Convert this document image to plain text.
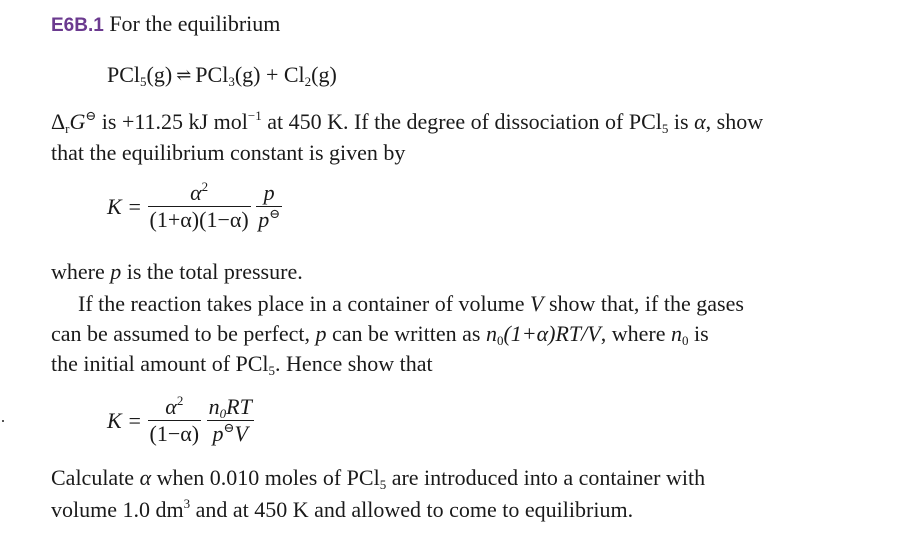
E6B.1 For the equilibrium
PCl$_5$(g) ⇌ $PCl_3(g) + Cl_2(g)$
$\Delta_rG^⊖$ is +11.25 kJ mol$^{-1}$ at 450 K. If the degree of dissociation of PCl$_5$ is α, show
that the equilibrium constant is given by
$K = \frac{\alpha^2}{(1+\alpha)(1-\alpha)}$
$\frac{p}{p^⊖}$
where p is the total pressure.
If the reaction takes place in a container of volume V show that, if the gases
can be assumed to be perfect, p can be written as $n_0(1+\alpha)RT/V$, where $n_0$ is
the initial amount of PCl$_5$. Hence show that
$K = \frac{\alpha^2}{(1-\alpha)}$
$\frac{n_0RT}{p^⊖V}$
Calculate α when 0.010 moles of PCl$_5$ are introduced into a container with
volume 1.0 $dm^3$ and at 450 K and allowed to come to equilibrium.
